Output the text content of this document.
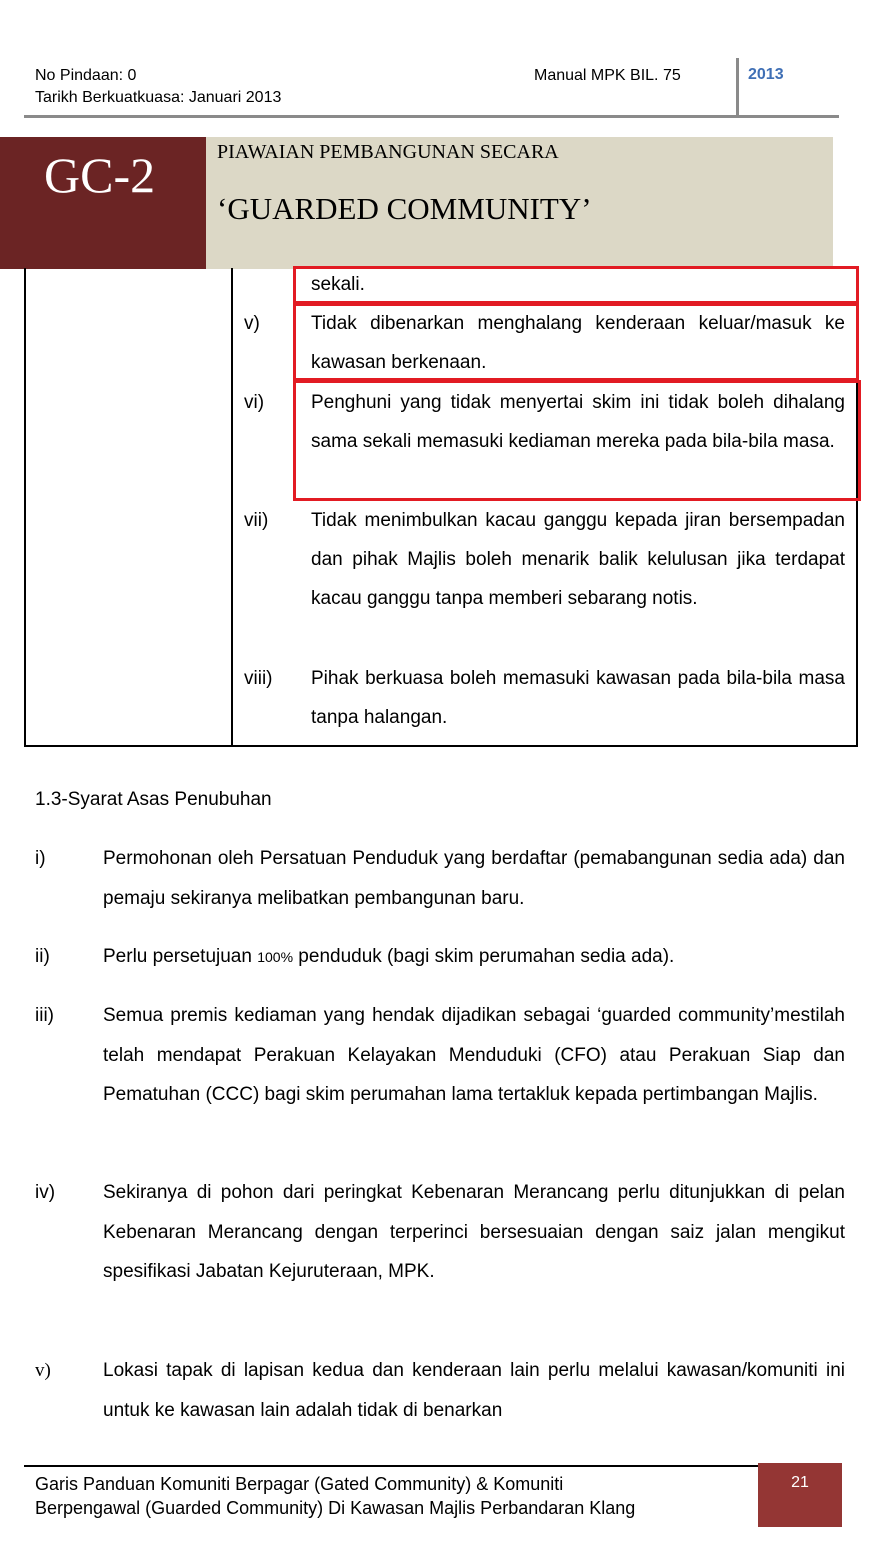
No Pindaan: 0
Tarikh Berkuatkuasa: Januari 2013
Manual MPK BIL. 75	2013
GC-2	PIAWAIAN PEMBANGUNAN SECARA
‘GUARDED COMMUNITY’
sekali.
v)	Tidak dibenarkan menghalang kenderaan keluar/masuk ke kawasan berkenaan.
vi) Penghuni yang tidak menyertai skim ini tidak boleh dihalang sama sekali memasuki kediaman mereka pada bila-bila masa.
vii) Tidak menimbulkan kacau ganggu kepada jiran bersempadan dan pihak Majlis boleh menarik balik kelulusan jika terdapat kacau ganggu tanpa memberi sebarang notis.
viii) Pihak berkuasa boleh memasuki kawasan pada bila-bila masa tanpa halangan.
1.3-Syarat Asas Penubuhan
i)	Permohonan oleh Persatuan Penduduk yang berdaftar (pemabangunan sedia ada) dan pemaju sekiranya melibatkan pembangunan baru.
ii)	Perlu persetujuan 100% penduduk (bagi skim perumahan sedia ada).
iii)	Semua premis kediaman yang hendak dijadikan sebagai ‘guarded community’mestilah telah mendapat Perakuan Kelayakan Menduduki (CFO) atau Perakuan Siap dan Pematuhan (CCC) bagi skim perumahan lama tertakluk kepada pertimbangan Majlis.
iv)	Sekiranya di pohon dari peringkat Kebenaran Merancang perlu ditunjukkan di pelan Kebenaran Merancang dengan terperinci bersesuaian dengan saiz jalan mengikut spesifikasi Jabatan Kejuruteraan, MPK.
v)	Lokasi tapak di lapisan kedua dan kenderaan lain perlu melalui kawasan/komuniti ini untuk ke kawasan lain adalah tidak di benarkan
Garis Panduan Komuniti Berpagar (Gated Community) & Komuniti
Berpengawal (Guarded Community) Di Kawasan Majlis Perbandaran Klang
21
